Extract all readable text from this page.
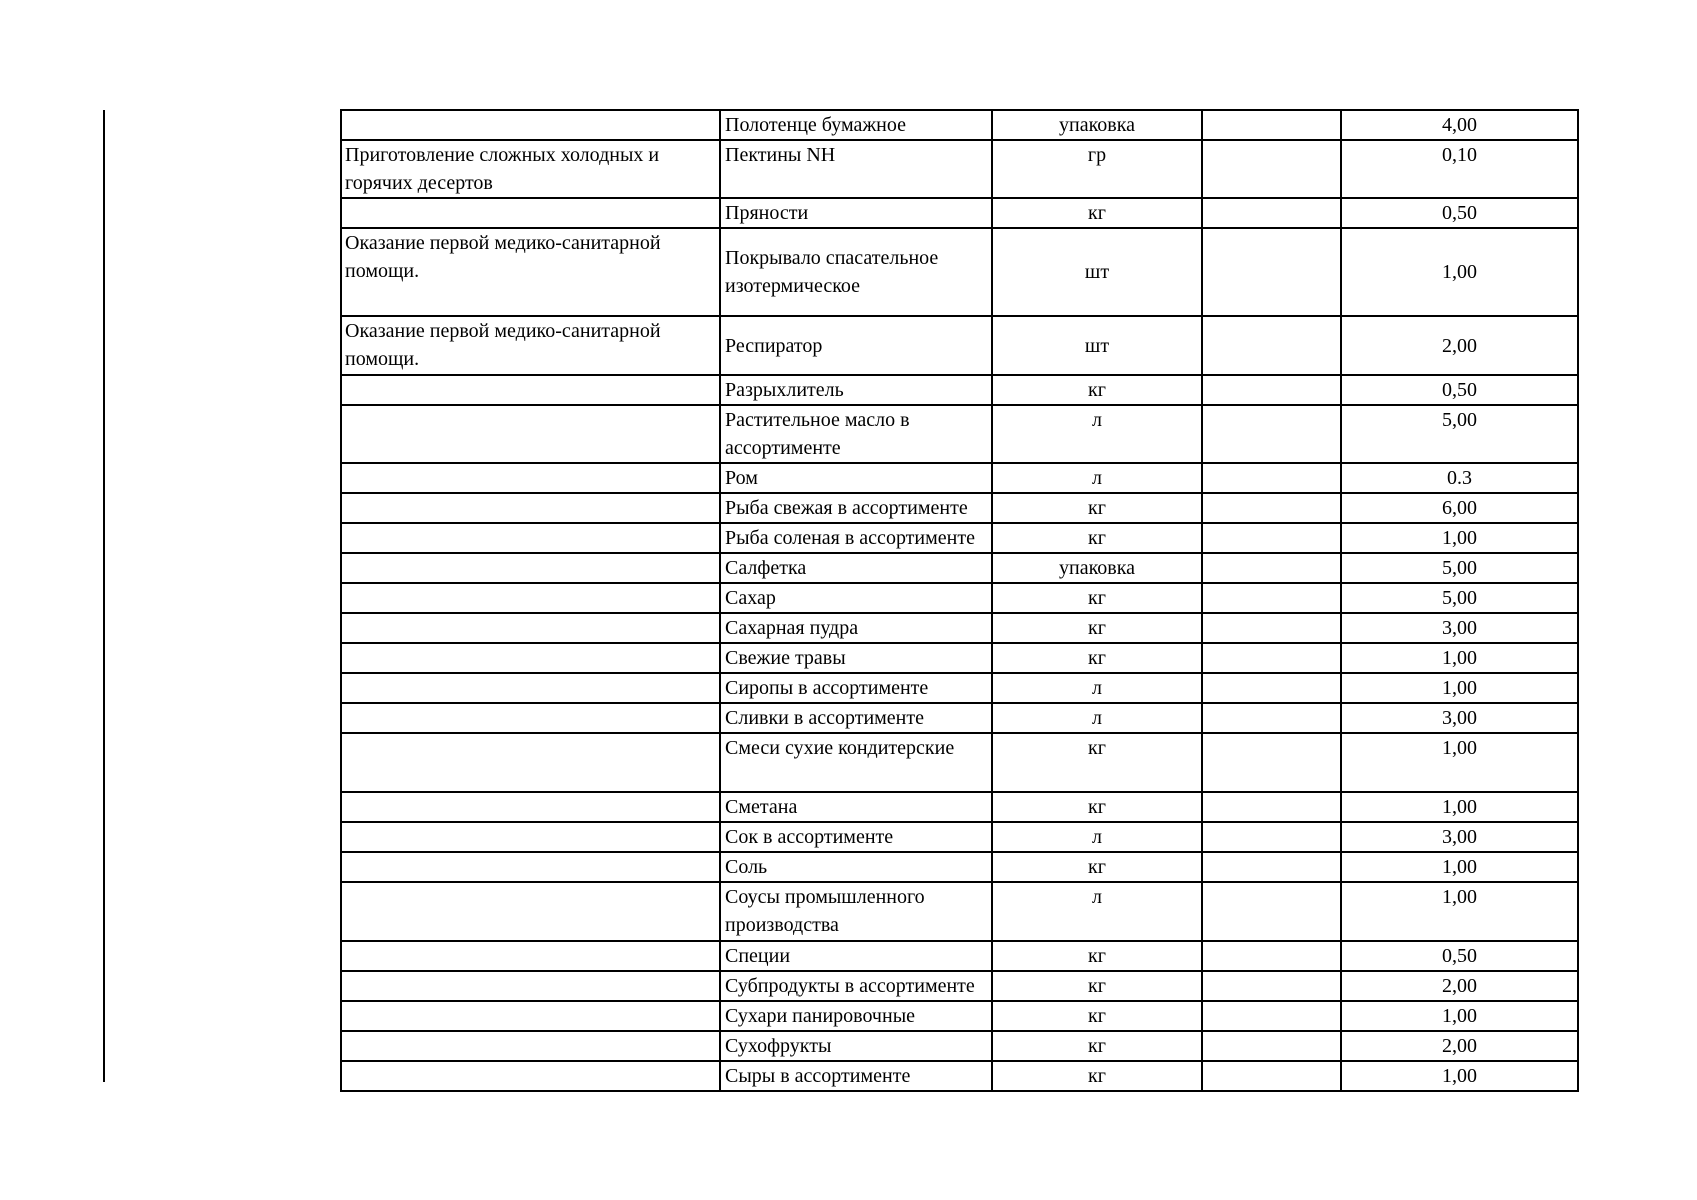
	Полотенце бумажное	упаковка		4,00
Приготовление сложных холодных и горячих десертов	Пектины NH	гр		0,10
	Пряности	кг		0,50
Оказание первой медико-санитарной помощи.	Покрывало спасательное изотермическое	шт		1,00
Оказание первой медико-санитарной помощи.	Респиратор	шт		2,00
	Разрыхлитель	кг		0,50
	Растительное масло в ассортименте	л		5,00
	Ром	л		0.3
	Рыба свежая в ассортименте	кг		6,00
	Рыба соленая в ассортименте	кг		1,00
	Салфетка	упаковка		5,00
	Сахар	кг		5,00
	Сахарная пудра	кг		3,00
	Свежие травы	кг		1,00
	Сиропы в ассортименте	л		1,00
	Сливки в ассортименте	л		3,00
	Смеси сухие кондитерские	кг		1,00
	Сметана	кг		1,00
	Сок в ассортименте	л		3,00
	Соль	кг		1,00
	Соусы промышленного производства	л		1,00
	Специи	кг		0,50
	Субпродукты в ассортименте	кг		2,00
	Сухари панировочные	кг		1,00
	Сухофрукты	кг		2,00
	Сыры в ассортименте	кг		1,00
